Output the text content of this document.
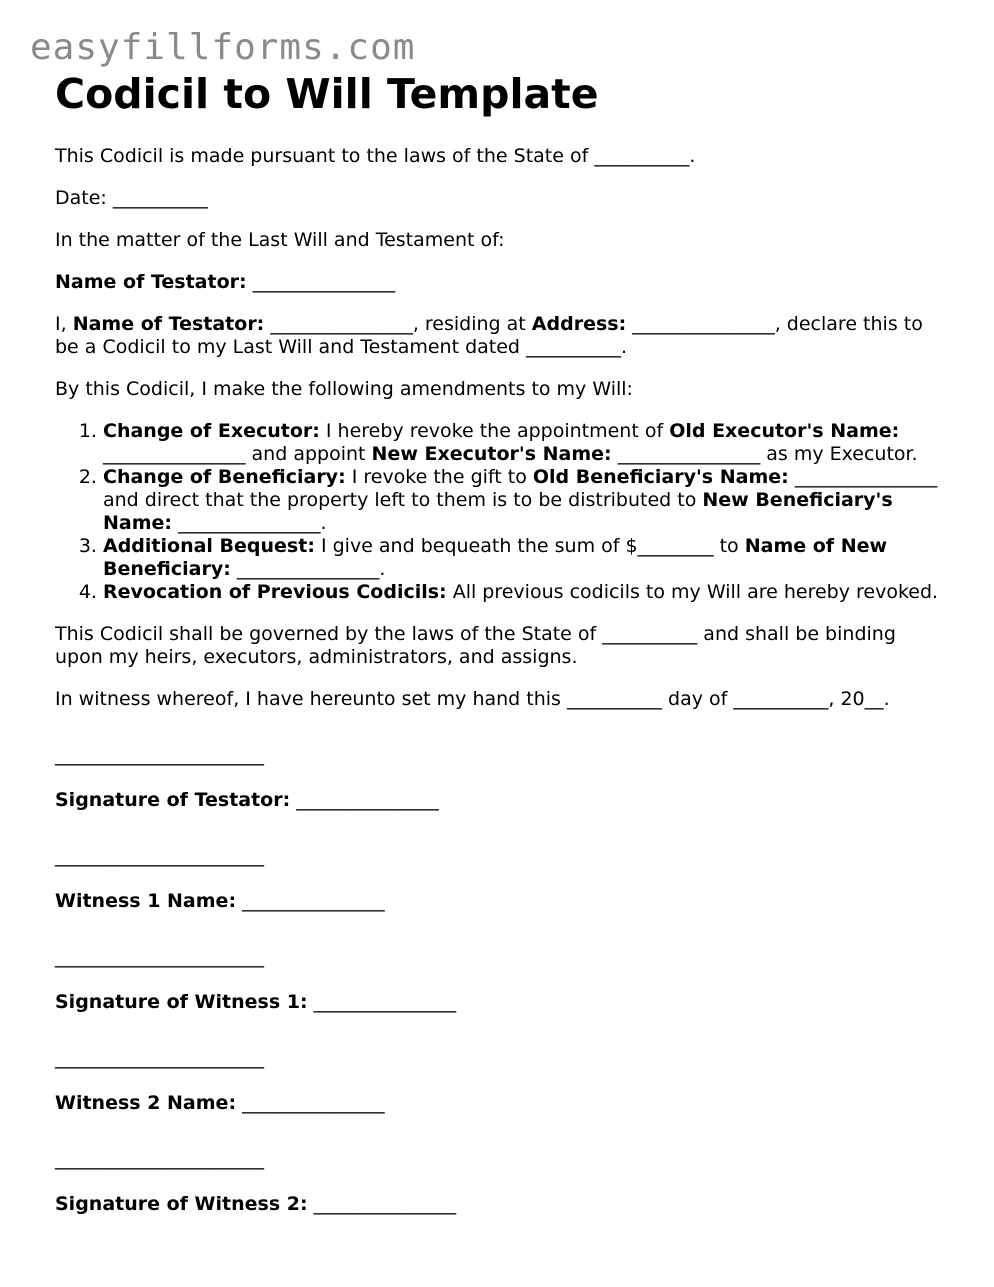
easyfillforms.com
Codicil to Will Template

This Codicil is made pursuant to the laws of the State of __________.

Date: __________

In the matter of the Last Will and Testament of:

Name of Testator: _______________

I, Name of Testator: _______________, residing at Address: _______________, declare this to be a Codicil to my Last Will and Testament dated __________.

By this Codicil, I make the following amendments to my Will:

1. Change of Executor: I hereby revoke the appointment of Old Executor's Name: _______________ and appoint New Executor's Name: _______________ as my Executor.
2. Change of Beneficiary: I revoke the gift to Old Beneficiary's Name: _______________ and direct that the property left to them is to be distributed to New Beneficiary's Name: _______________.
3. Additional Bequest: I give and bequeath the sum of $________ to Name of New Beneficiary: _______________.
4. Revocation of Previous Codicils: All previous codicils to my Will are hereby revoked.

This Codicil shall be governed by the laws of the State of __________ and shall be binding upon my heirs, executors, administrators, and assigns.

In witness whereof, I have hereunto set my hand this __________ day of __________, 20__.

______________________
Signature of Testator: _______________
______________________
Witness 1 Name: _______________
______________________
Signature of Witness 1: _______________
______________________
Witness 2 Name: _______________
______________________
Signature of Witness 2: _______________
